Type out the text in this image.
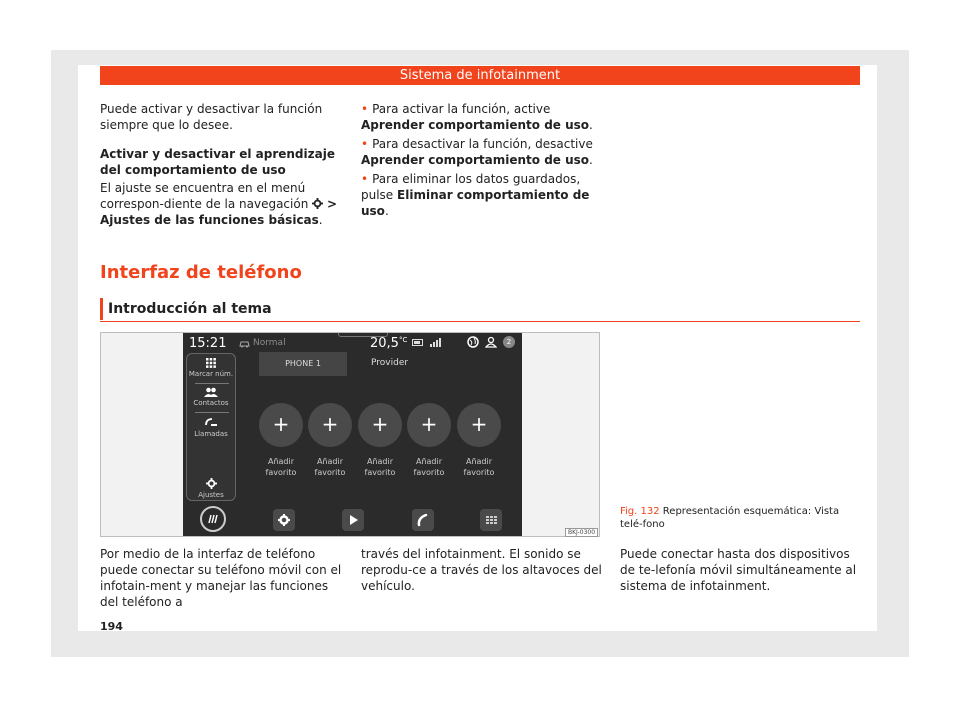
Sistema de infotainment
Puede activar y desactivar la función siempre que lo desee.
Activar y desactivar el aprendizaje del comportamiento de uso
El ajuste se encuentra en el menú correspon-diente de la navegación > Ajustes de las funciones básicas.
• Para activar la función, active Aprender comportamiento de uso.
• Para desactivar la función, desactive Aprender comportamiento de uso.
• Para eliminar los datos guardados, pulse Eliminar comportamiento de uso.
Interfaz de teléfono
Introducción al tema
15:21	Normal	$20,5^{^\circ C}$	2
Marcar núm.
Contactos
Llamadas
Ajustes
PHONE 1	Provider
+
Añadir
favorito
+
Añadir
favorito
+
Añadir
favorito
+
Añadir
favorito
+
Añadir
favorito
BKJ-0300
Fig. 132 Representación esquemática: Vista telé-fono
Por medio de la interfaz de teléfono puede conectar su teléfono móvil con el infotain-ment y manejar las funciones del teléfono a
través del infotainment. El sonido se reprodu-ce a través de los altavoces del vehículo.
Puede conectar hasta dos dispositivos de te-lefonía móvil simultáneamente al sistema de infotainment.
194
